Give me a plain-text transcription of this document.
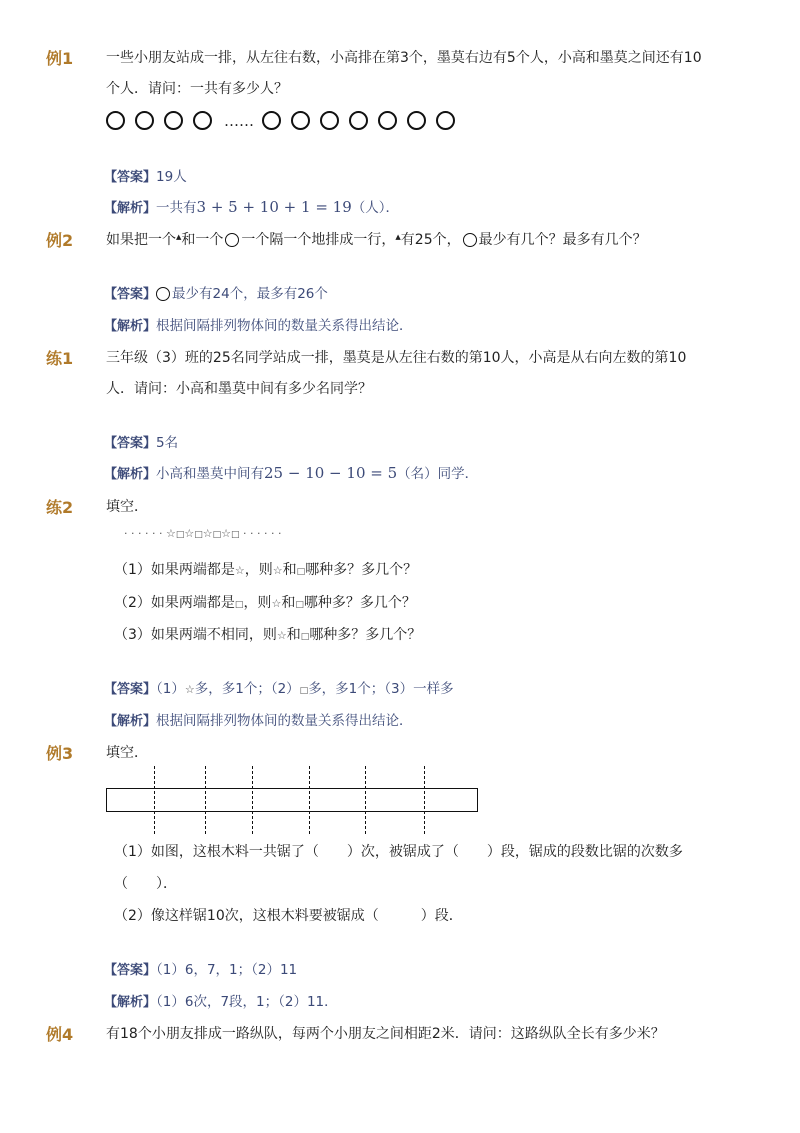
例1 一些小朋友站成一排，从左往右数，小高排在第3个，墨莫右边有5个人，小高和墨莫之间还有10
个人．请问：一共有多少人？
……
【答案】19人
【解析】一共有3 + 5 + 10 + 1 = 19（人）．
例2 如果把一个▲和一个 一个隔一个地排成一行，▲有25个， 最少有几个？最多有几个？
【答案】 最少有24个，最多有26个
【解析】根据间隔排列物体间的数量关系得出结论．
练1 三年级（3）班的25名同学站成一排，墨莫是从左往右数的第10人，小高是从右向左数的第10
人．请问：小高和墨莫中间有多少名同学？
【答案】5名
【解析】小高和墨莫中间有25 − 10 − 10 = 5（名）同学．
练2 填空．
· · · · · · ☆□☆□☆□☆□ · · · · · ·
（1）如果两端都是☆，则☆和□哪种多？多几个？
（2）如果两端都是□，则☆和□哪种多？多几个？
（3）如果两端不相同，则☆和□哪种多？多几个？
【答案】（1）☆多，多1个；（2）□多，多1个；（3）一样多
【解析】根据间隔排列物体间的数量关系得出结论．
例3 填空．
（1）如图，这根木料一共锯了（　　）次，被锯成了（　　）段，锯成的段数比锯的次数多
（　　）．
（2）像这样锯10次，这根木料要被锯成（　　　）段．
【答案】（1）6，7，1；（2）11
【解析】（1）6次，7段，1；（2）11．
例4 有18个小朋友排成一路纵队，每两个小朋友之间相距2米．请问：这路纵队全长有多少米？
